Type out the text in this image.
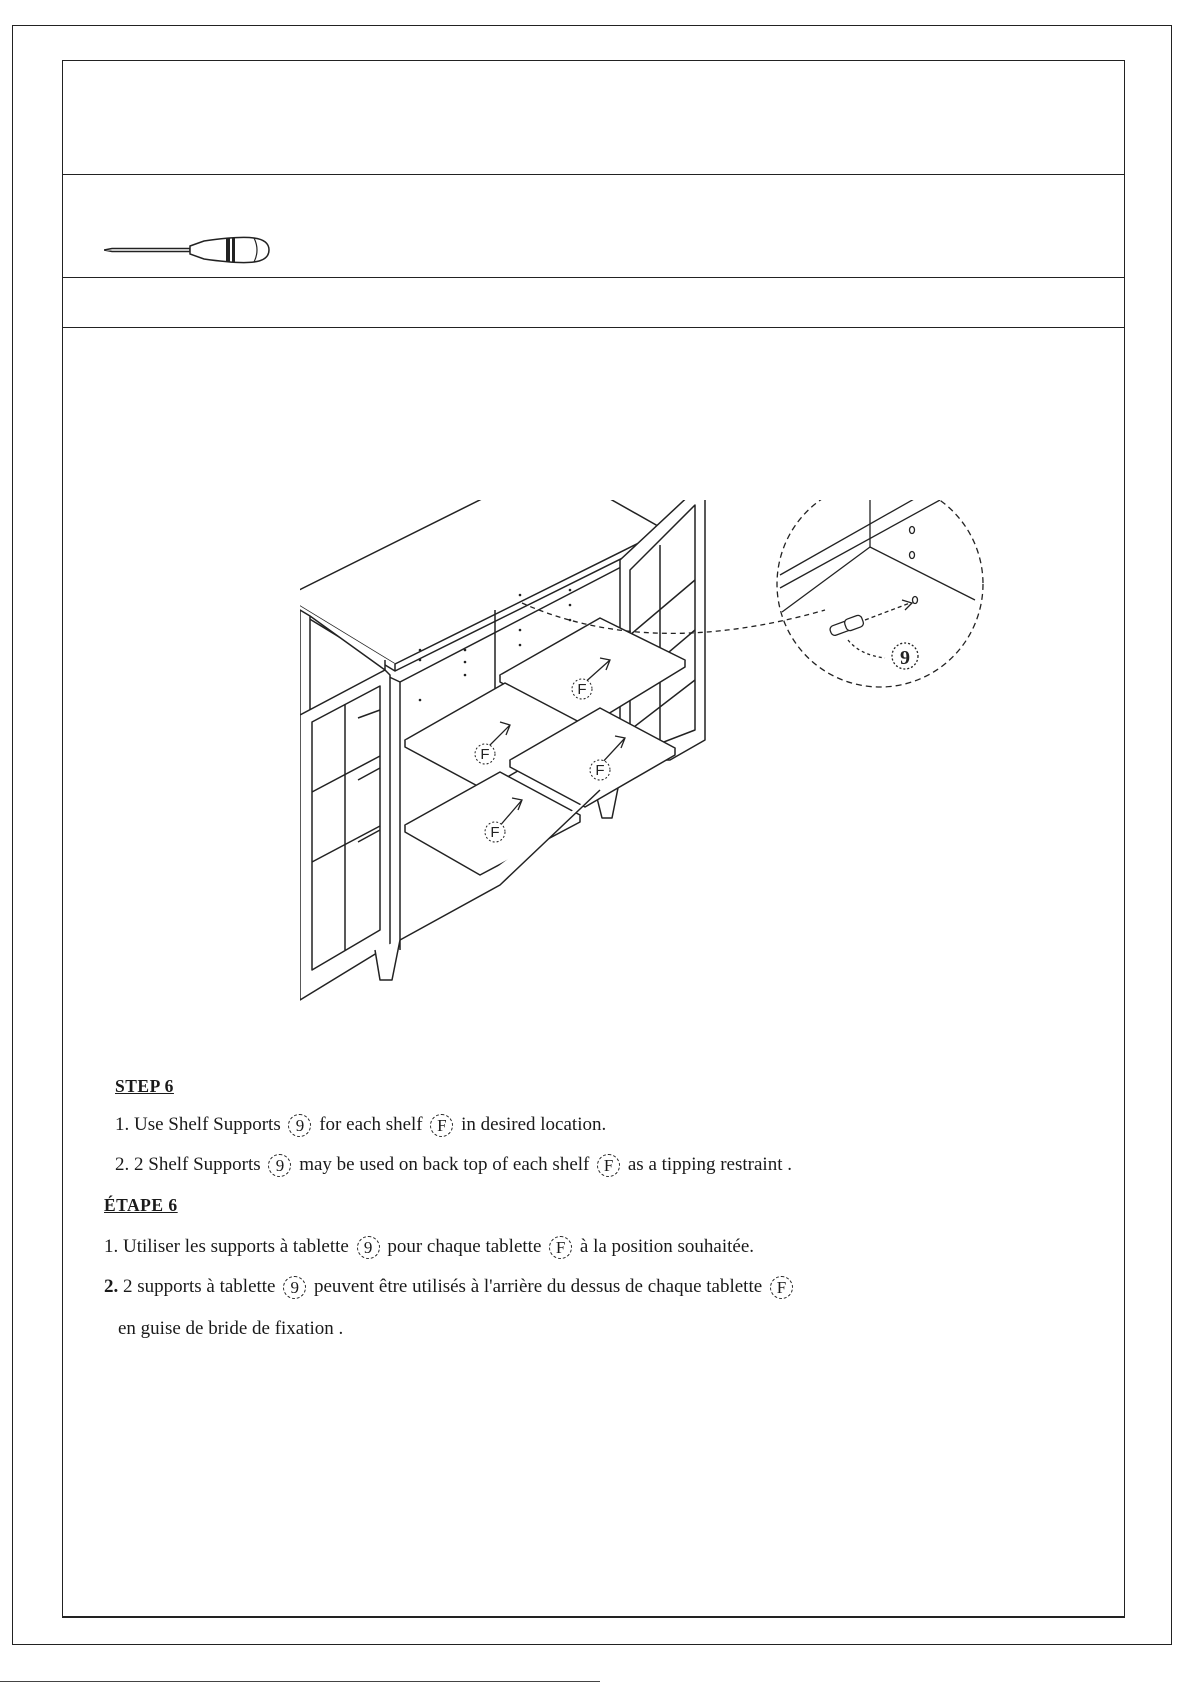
F
F
F
F
9
STEP 6
1. Use Shelf Supports 9 for each shelf F in desired location.
2. 2 Shelf Supports 9 may be used on back top of each shelf F as a tipping restraint .
ÉTAPE 6
1. Utiliser les supports à tablette 9 pour chaque tablette F à la position souhaitée.
2. 2 supports à tablette 9 peuvent être utilisés à l'arrière du dessus de chaque tablette F
en guise de bride de fixation .
